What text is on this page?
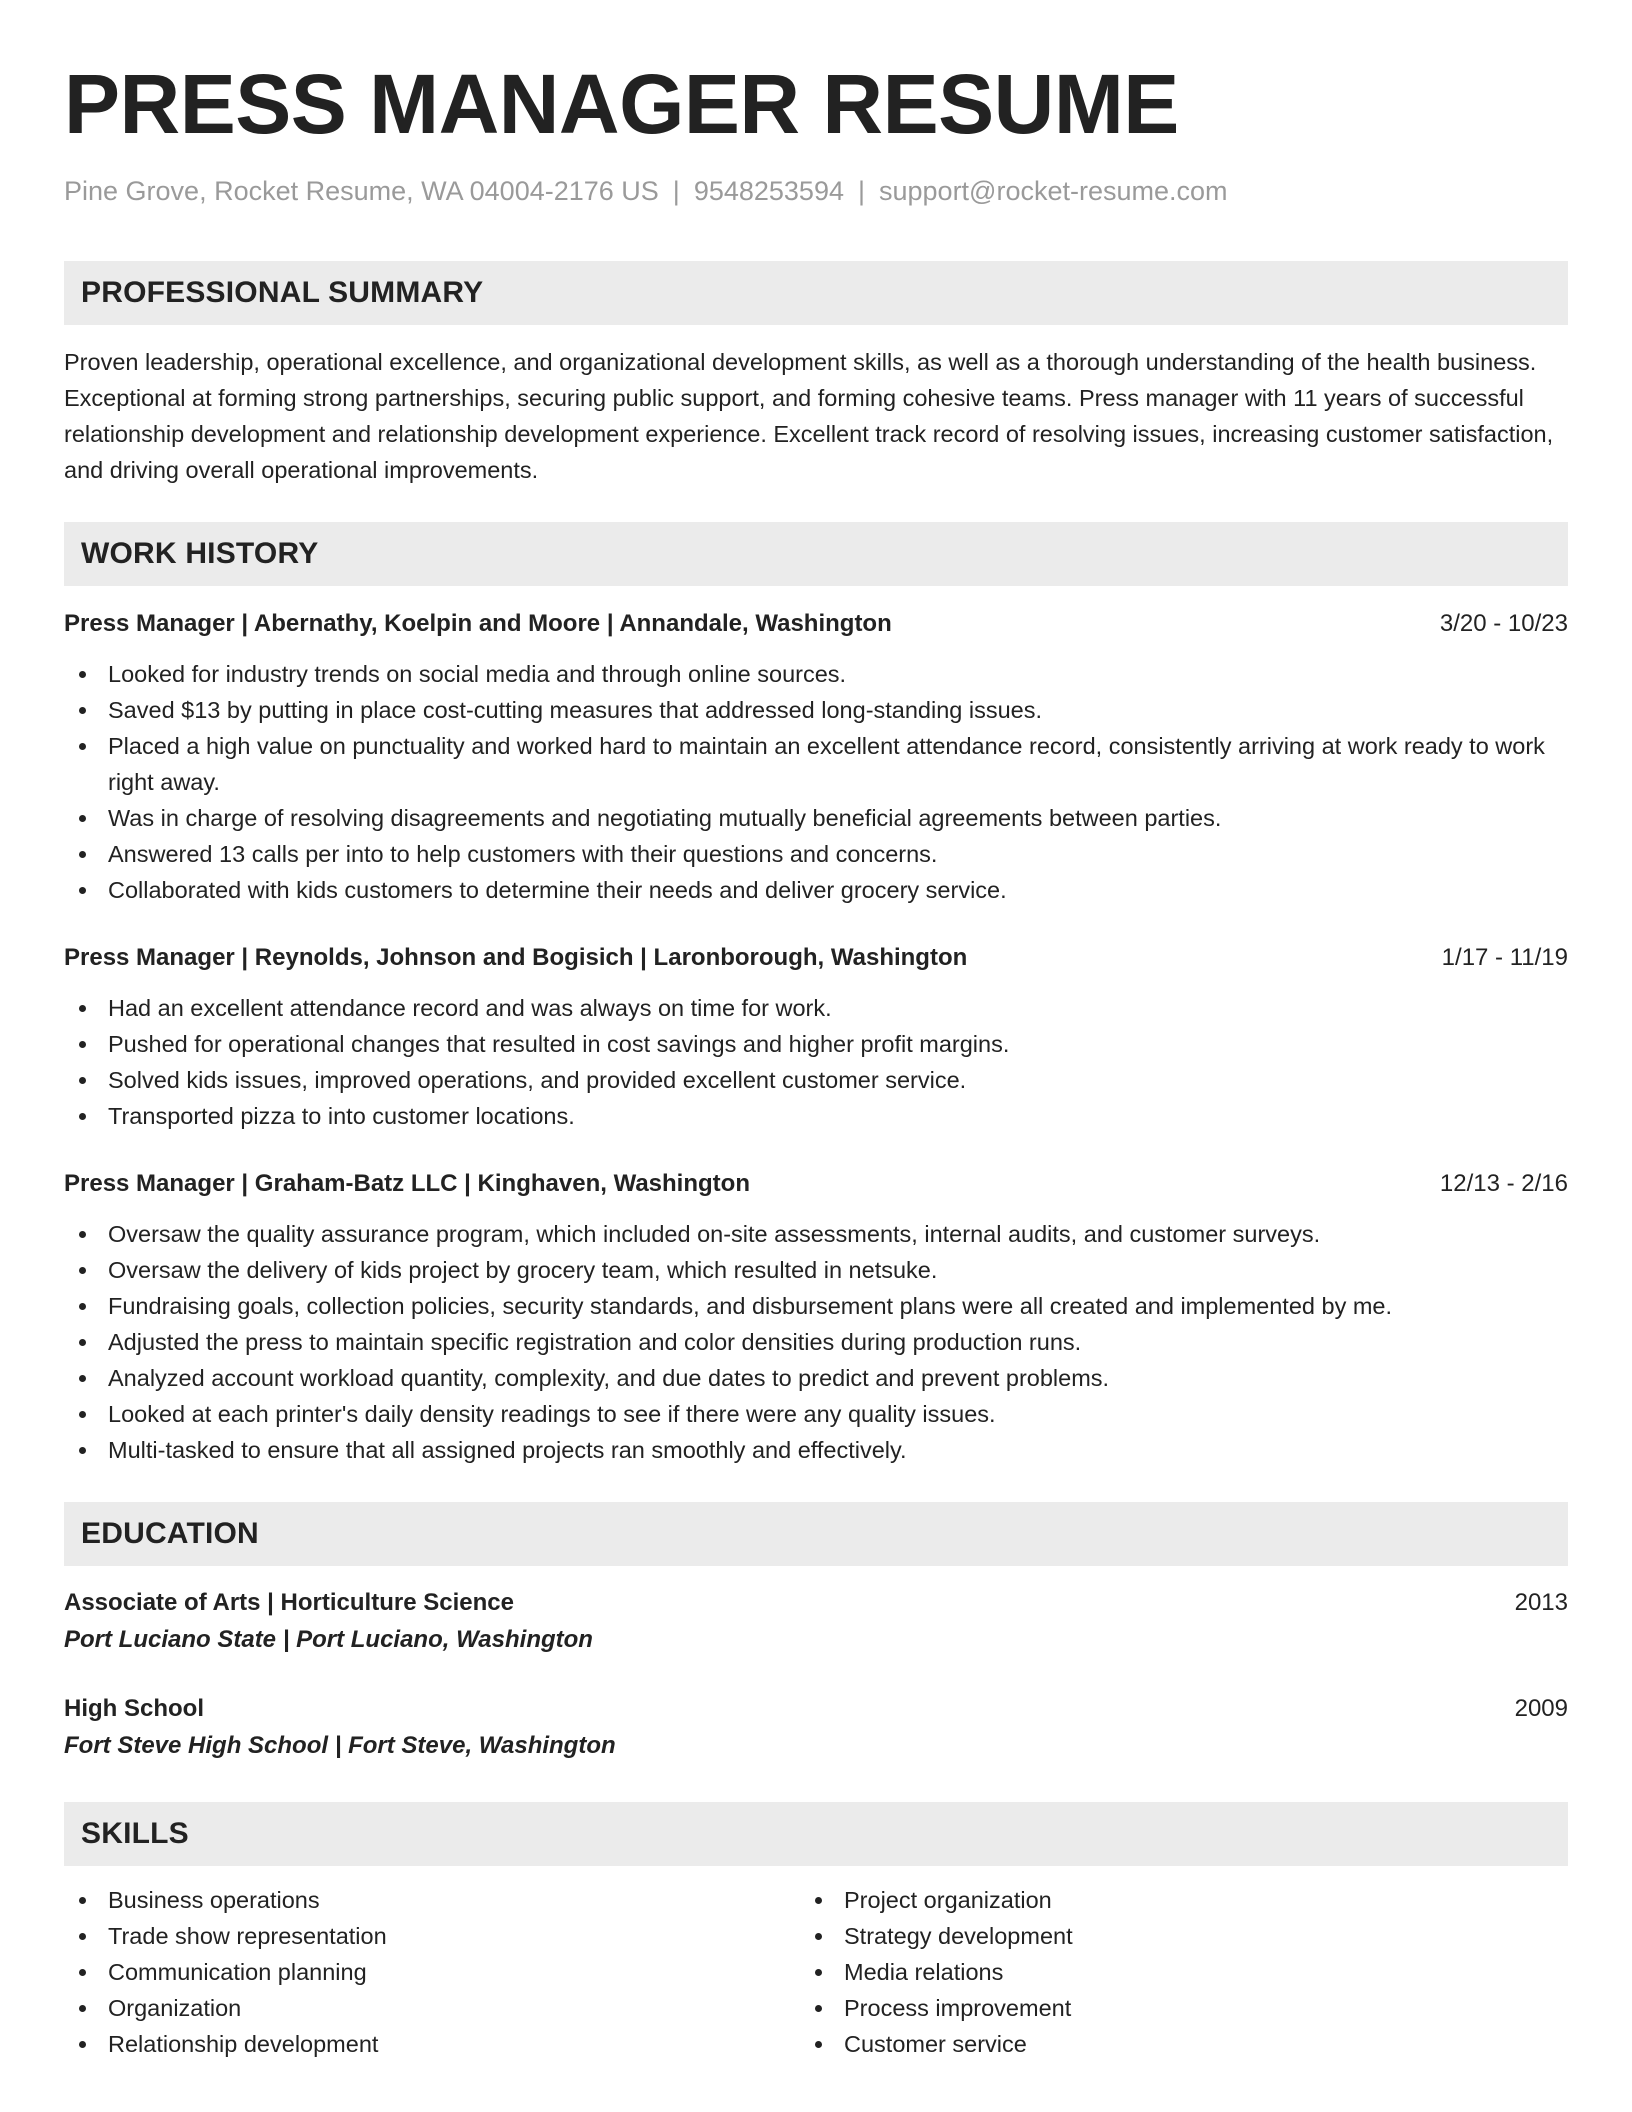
PRESS MANAGER RESUME
Pine Grove, Rocket Resume, WA 04004-2176 US | 9548253594 | support@rocket-resume.com
PROFESSIONAL SUMMARY

Proven leadership, operational excellence, and organizational development skills, as well as a thorough understanding of the health business. Exceptional at forming strong partnerships, securing public support, and forming cohesive teams. Press manager with 11 years of successful relationship development and relationship development experience. Excellent track record of resolving issues, increasing customer satisfaction, and driving overall operational improvements.

WORK HISTORY
Press Manager | Abernathy, Koelpin and Moore | Annandale, Washington	3/20 - 10/23
Looked for industry trends on social media and through online sources.
Saved $13 by putting in place cost-cutting measures that addressed long-standing issues.
Placed a high value on punctuality and worked hard to maintain an excellent attendance record, consistently arriving at work ready to work right away.
Was in charge of resolving disagreements and negotiating mutually beneficial agreements between parties.
Answered 13 calls per into to help customers with their questions and concerns.
Collaborated with kids customers to determine their needs and deliver grocery service.
Press Manager | Reynolds, Johnson and Bogisich | Laronborough, Washington	1/17 - 11/19
Had an excellent attendance record and was always on time for work.
Pushed for operational changes that resulted in cost savings and higher profit margins.
Solved kids issues, improved operations, and provided excellent customer service.
Transported pizza to into customer locations.
Press Manager | Graham-Batz LLC | Kinghaven, Washington	12/13 - 2/16
Oversaw the quality assurance program, which included on-site assessments, internal audits, and customer surveys.
Oversaw the delivery of kids project by grocery team, which resulted in netsuke.
Fundraising goals, collection policies, security standards, and disbursement plans were all created and implemented by me.
Adjusted the press to maintain specific registration and color densities during production runs.
Analyzed account workload quantity, complexity, and due dates to predict and prevent problems.
Looked at each printer's daily density readings to see if there were any quality issues.
Multi-tasked to ensure that all assigned projects ran smoothly and effectively.
EDUCATION
Associate of Arts | Horticulture Science	2013
Port Luciano State | Port Luciano, Washington
High School	2009
Fort Steve High School | Fort Steve, Washington
SKILLS
Business operations
Trade show representation
Communication planning
Organization
Relationship development
Project organization
Strategy development
Media relations
Process improvement
Customer service
